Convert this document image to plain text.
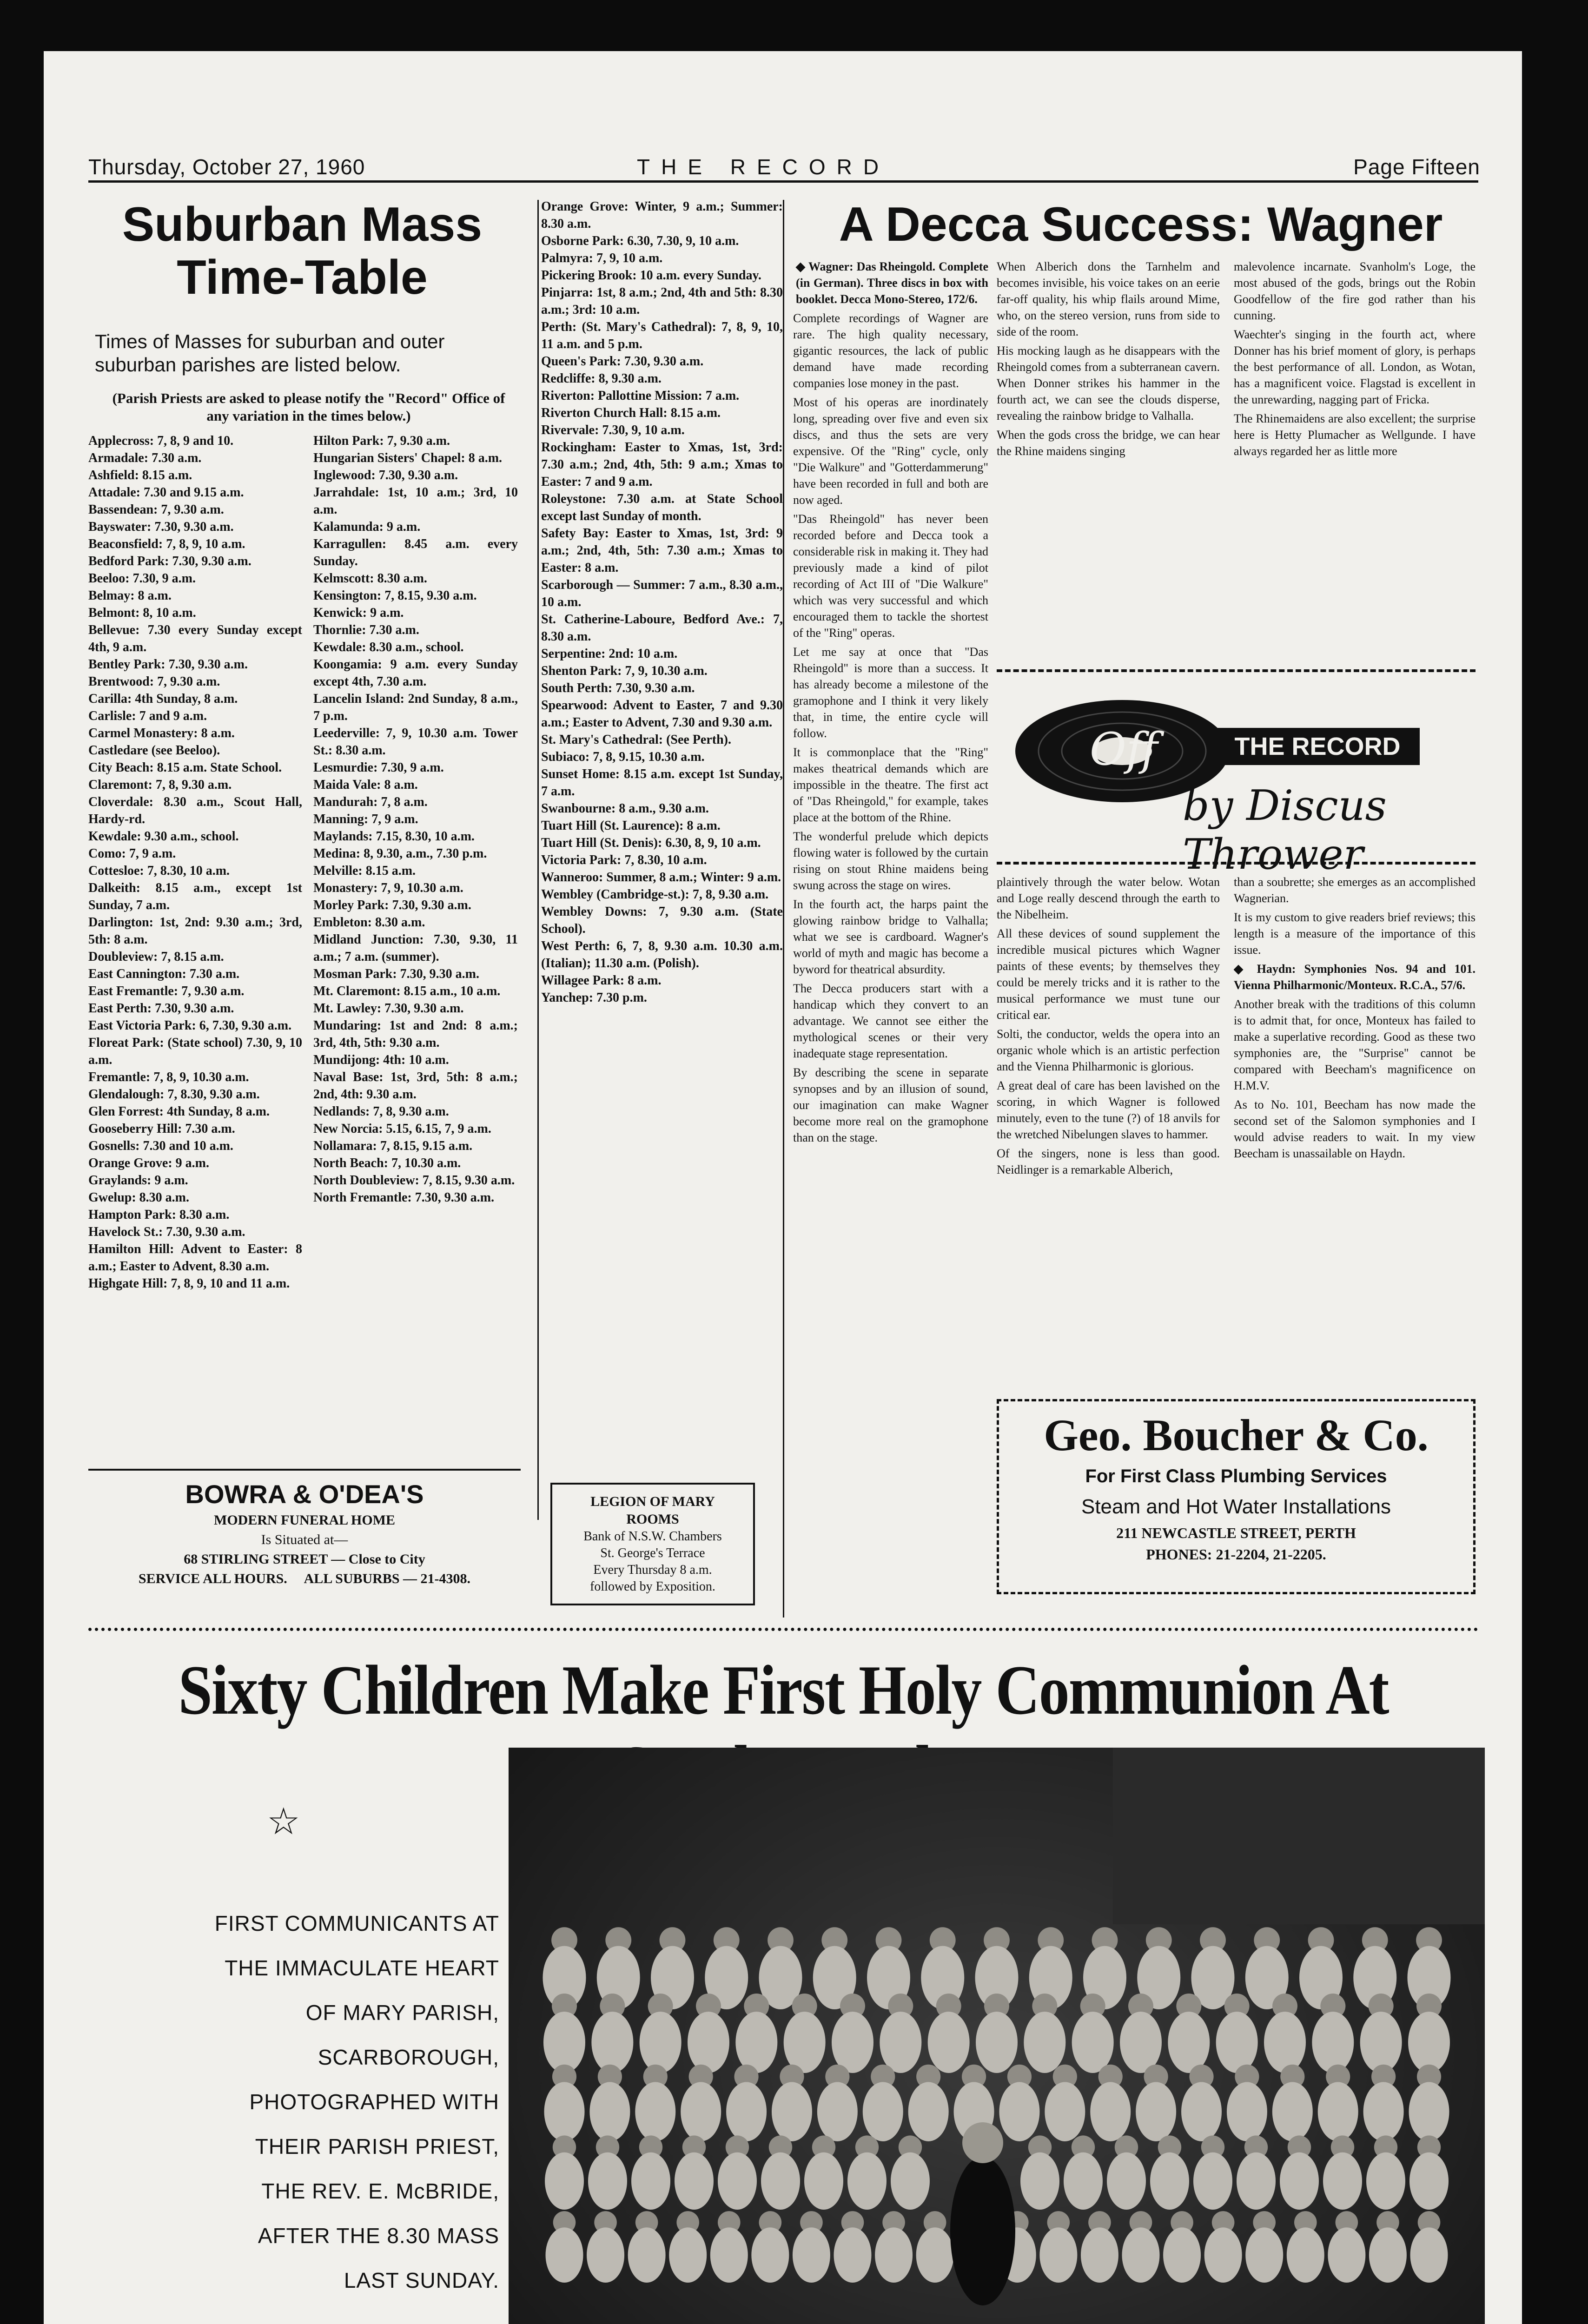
Thursday, October 27, 1960	THE RECORD	Page Fifteen
Suburban Mass Time-Table
Times of Masses for suburban and outer suburban parishes are listed below.
(Parish Priests are asked to please notify the "Record" Office of any variation in the times below.)
Applecross: 7, 8, 9 and 10.
Armadale: 7.30 a.m.
Ashfield: 8.15 a.m.
Attadale: 7.30 and 9.15 a.m.
Bassendean: 7, 9.30 a.m.
Bayswater: 7.30, 9.30 a.m.
Beaconsfield: 7, 8, 9, 10 a.m.
Bedford Park: 7.30, 9.30 a.m.
Beeloo: 7.30, 9 a.m.
Belmay: 8 a.m.
Belmont: 8, 10 a.m.
Bellevue: 7.30 every Sunday except 4th, 9 a.m.
Bentley Park: 7.30, 9.30 a.m.
Brentwood: 7, 9.30 a.m.
Carilla: 4th Sunday, 8 a.m.
Carlisle: 7 and 9 a.m.
Carmel Monastery: 8 a.m.
Castledare (see Beeloo).
City Beach: 8.15 a.m. State School.
Claremont: 7, 8, 9.30 a.m.
Cloverdale: 8.30 a.m., Scout Hall, Hardy-rd.
Kewdale: 9.30 a.m., school.
Como: 7, 9 a.m.
Cottesloe: 7, 8.30, 10 a.m.
Dalkeith: 8.15 a.m., except 1st Sunday, 7 a.m.
Darlington: 1st, 2nd: 9.30 a.m.; 3rd, 5th: 8 a.m.
Doubleview: 7, 8.15 a.m.
East Cannington: 7.30 a.m.
East Fremantle: 7, 9.30 a.m.
East Perth: 7.30, 9.30 a.m.
East Victoria Park: 6, 7.30, 9.30 a.m.
Floreat Park: (State school) 7.30, 9, 10 a.m.
Fremantle: 7, 8, 9, 10.30 a.m.
Glendalough: 7, 8.30, 9.30 a.m.
Glen Forrest: 4th Sunday, 8 a.m.
Gooseberry Hill: 7.30 a.m.
Gosnells: 7.30 and 10 a.m.
Orange Grove: 9 a.m.
Graylands: 9 a.m.
Gwelup: 8.30 a.m.
Hampton Park: 8.30 a.m.
Havelock St.: 7.30, 9.30 a.m.
Hamilton Hill: Advent to Easter: 8 a.m.; Easter to Advent, 8.30 a.m.
Highgate Hill: 7, 8, 9, 10 and 11 a.m.
Hilton Park: 7, 9.30 a.m.
Hungarian Sisters' Chapel: 8 a.m.
Inglewood: 7.30, 9.30 a.m.
Jarrahdale: 1st, 10 a.m.; 3rd, 10 a.m.
Kalamunda: 9 a.m.
Karragullen: 8.45 a.m. every Sunday.
Kelmscott: 8.30 a.m.
Kensington: 7, 8.15, 9.30 a.m.
Kenwick: 9 a.m.
Thornlie: 7.30 a.m.
Kewdale: 8.30 a.m., school.
Koongamia: 9 a.m. every Sunday except 4th, 7.30 a.m.
Lancelin Island: 2nd Sunday, 8 a.m., 7 p.m.
Leederville: 7, 9, 10.30 a.m. Tower St.: 8.30 a.m.
Lesmurdie: 7.30, 9 a.m.
Maida Vale: 8 a.m.
Mandurah: 7, 8 a.m.
Manning: 7, 9 a.m.
Maylands: 7.15, 8.30, 10 a.m.
Medina: 8, 9.30, a.m., 7.30 p.m.
Melville: 8.15 a.m.
Monastery: 7, 9, 10.30 a.m.
Morley Park: 7.30, 9.30 a.m.
Embleton: 8.30 a.m.
Midland Junction: 7.30, 9.30, 11 a.m.; 7 a.m. (summer).
Mosman Park: 7.30, 9.30 a.m.
Mt. Claremont: 8.15 a.m., 10 a.m.
Mt. Lawley: 7.30, 9.30 a.m.
Mundaring: 1st and 2nd: 8 a.m.; 3rd, 4th, 5th: 9.30 a.m.
Mundijong: 4th: 10 a.m.
Naval Base: 1st, 3rd, 5th: 8 a.m.; 2nd, 4th: 9.30 a.m.
Nedlands: 7, 8, 9.30 a.m.
New Norcia: 5.15, 6.15, 7, 9 a.m.
Nollamara: 7, 8.15, 9.15 a.m.
North Beach: 7, 10.30 a.m.
North Doubleview: 7, 8.15, 9.30 a.m.
North Fremantle: 7.30, 9.30 a.m.
Orange Grove: Winter, 9 a.m.; Summer: 8.30 a.m.
Osborne Park: 6.30, 7.30, 9, 10 a.m.
Palmyra: 7, 9, 10 a.m.
Pickering Brook: 10 a.m. every Sunday.
Pinjarra: 1st, 8 a.m.; 2nd, 4th and 5th: 8.30 a.m.; 3rd: 10 a.m.
Perth: (St. Mary's Cathedral): 7, 8, 9, 10, 11 a.m. and 5 p.m.
Queen's Park: 7.30, 9.30 a.m.
Redcliffe: 8, 9.30 a.m.
Riverton: Pallottine Mission: 7 a.m.
Riverton Church Hall: 8.15 a.m.
Rivervale: 7.30, 9, 10 a.m.
Rockingham: Easter to Xmas, 1st, 3rd: 7.30 a.m.; 2nd, 4th, 5th: 9 a.m.; Xmas to Easter: 7 and 9 a.m.
Roleystone: 7.30 a.m. at State School except last Sunday of month.
Safety Bay: Easter to Xmas, 1st, 3rd: 9 a.m.; 2nd, 4th, 5th: 7.30 a.m.; Xmas to Easter: 8 a.m.
Scarborough — Summer: 7 a.m., 8.30 a.m., 10 a.m.
St. Catherine-Laboure, Bedford Ave.: 7, 8.30 a.m.
Serpentine: 2nd: 10 a.m.
Shenton Park: 7, 9, 10.30 a.m.
South Perth: 7.30, 9.30 a.m.
Spearwood: Advent to Easter, 7 and 9.30 a.m.; Easter to Advent, 7.30 and 9.30 a.m.
St. Mary's Cathedral: (See Perth).
Subiaco: 7, 8, 9.15, 10.30 a.m.
Sunset Home: 8.15 a.m. except 1st Sunday, 7 a.m.
Swanbourne: 8 a.m., 9.30 a.m.
Tuart Hill (St. Laurence): 8 a.m.
Tuart Hill (St. Denis): 6.30, 8, 9, 10 a.m.
Victoria Park: 7, 8.30, 10 a.m.
Wanneroo: Summer, 8 a.m.; Winter: 9 a.m.
Wembley (Cambridge-st.): 7, 8, 9.30 a.m.
Wembley Downs: 7, 9.30 a.m. (State School).
West Perth: 6, 7, 8, 9.30 a.m. 10.30 a.m. (Italian); 11.30 a.m. (Polish).
Willagee Park: 8 a.m.
Yanchep: 7.30 p.m.
BOWRA & O'DEA'S
MODERN FUNERAL HOME
Is Situated at—
68 STIRLING STREET — Close to City
SERVICE ALL HOURS.     ALL SUBURBS — 21-4308.
LEGION OF MARY
ROOMS
Bank of N.S.W. Chambers
St. George's Terrace
Every Thursday 8 a.m.
followed by Exposition.
A Decca Success: Wagner

◆ Wagner: Das Rheingold. Complete (in German). Three discs in box with booklet. Decca Mono-Stereo, 172/6.

Complete recordings of Wagner are rare. The high quality necessary, gigantic resources, the lack of public demand have made recording companies lose money in the past.

Most of his operas are inordinately long, spreading over five and even six discs, and thus the sets are very expensive. Of the "Ring" cycle, only "Die Walkure" and "Gotterdammerung" have been recorded in full and both are now aged.

"Das Rheingold" has never been recorded before and Decca took a considerable risk in making it. They had previously made a kind of pilot recording of Act III of "Die Walkure" which was very successful and which encouraged them to tackle the shortest of the "Ring" operas.

Let me say at once that "Das Rheingold" is more than a success. It has already become a milestone of the gramophone and I think it very likely that, in time, the entire cycle will follow.

It is commonplace that the "Ring" makes theatrical demands which are impossible in the theatre. The first act of "Das Rheingold," for example, takes place at the bottom of the Rhine.

The wonderful prelude which depicts flowing water is followed by the curtain rising on stout Rhine maidens being swung across the stage on wires.

In the fourth act, the harps paint the glowing rainbow bridge to Valhalla; what we see is cardboard. Wagner's world of myth and magic has become a byword for theatrical absurdity.

The Decca producers start with a handicap which they convert to an advantage. We cannot see either the mythological scenes or their very inadequate stage representation.

By describing the scene in separate synopses and by an illusion of sound, our imagination can make Wagner become more real on the gramophone than on the stage.

When Alberich dons the Tarnhelm and becomes invisible, his voice takes on an eerie far-off quality, his whip flails around Mime, who, on the stereo version, runs from side to side of the room.

His mocking laugh as he disappears with the Rheingold comes from a subterranean cavern. When Donner strikes his hammer in the fourth act, we can see the clouds disperse, revealing the rainbow bridge to Valhalla.

When the gods cross the bridge, we can hear the Rhine maidens singing

malevolence incarnate. Svanholm's Loge, the most abused of the gods, brings out the Robin Goodfellow of the fire god rather than his cunning.

Waechter's singing in the fourth act, where Donner has his brief moment of glory, is perhaps the best performance of all. London, as Wotan, has a magnificent voice. Flagstad is excellent in the unrewarding, nagging part of Fricka.

The Rhinemaidens are also excellent; the surprise here is Hetty Plumacher as Wellgunde. I have always regarded her as little more

Off	THE RECORD
by Discus Thrower

plaintively through the water below. Wotan and Loge really descend through the earth to the Nibelheim.

All these devices of sound supplement the incredible musical pictures which Wagner paints of these events; by themselves they could be merely tricks and it is rather to the musical performance we must tune our critical ear.

Solti, the conductor, welds the opera into an organic whole which is an artistic perfection and the Vienna Philharmonic is glorious.

A great deal of care has been lavished on the scoring, in which Wagner is followed minutely, even to the tune (?) of 18 anvils for the wretched Nibelungen slaves to hammer.

Of the singers, none is less than good. Neidlinger is a remarkable Alberich,

than a soubrette; she emerges as an accomplished Wagnerian.

It is my custom to give readers brief reviews; this length is a measure of the importance of this issue.

◆ Haydn: Symphonies Nos. 94 and 101. Vienna Philharmonic/Monteux. R.C.A., 57/6.

Another break with the traditions of this column is to admit that, for once, Monteux has failed to make a superlative recording. Good as these two symphonies are, the "Surprise" cannot be compared with Beecham's magnificence on H.M.V.

As to No. 101, Beecham has now made the second set of the Salomon symphonies and I would advise readers to wait. In my view Beecham is unassailable on Haydn.

Geo. Boucher & Co.
For First Class Plumbing Services
Steam and Hot Water Installations
211 NEWCASTLE STREET, PERTH
PHONES: 21-2204, 21-2205.
Sixty Children Make First Holy Communion At
☆
FIRST COMMUNICANTS AT
THE IMMACULATE HEART
OF MARY PARISH,
SCARBOROUGH,
PHOTOGRAPHED WITH
THEIR PARISH PRIEST,
THE REV. E. McBRIDE,
AFTER THE 8.30 MASS
LAST SUNDAY.
